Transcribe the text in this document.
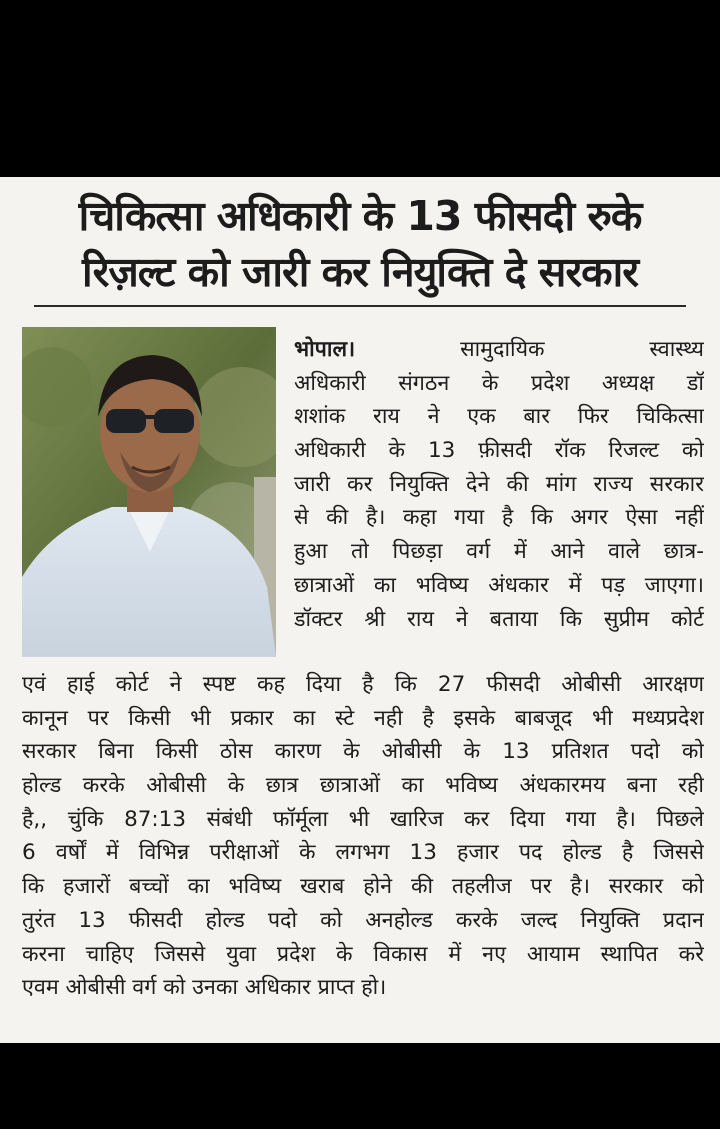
चिकित्सा अधिकारी के 13 फीसदी रुके
रिज़ल्ट को जारी कर नियुक्ति दे सरकार
भोपाल।	सामुदायिक स्वास्थ्य
अधिकारी संगठन के प्रदेश अध्यक्ष डॉ
शशांक राय ने एक बार फिर चिकित्सा
अधिकारी के 13 फ़ीसदी रॉक रिजल्ट को
जारी कर नियुक्ति देने की मांग राज्य सरकार
से की है। कहा गया है कि अगर ऐसा नहीं
हुआ तो पिछड़ा वर्ग में आने वाले छात्र-
छात्राओं का भविष्य अंधकार में पड़ जाएगा।
डॉक्टर श्री राय ने बताया कि सुप्रीम कोर्ट
एवं हाई कोर्ट ने स्पष्ट कह दिया है कि 27 फीसदी ओबीसी आरक्षण
कानून पर किसी भी प्रकार का स्टे नही है इसके बाबजूद भी मध्यप्रदेश
सरकार बिना किसी ठोस कारण के ओबीसी के 13 प्रतिशत पदो को
होल्ड करके ओबीसी के छात्र छात्राओं का भविष्य अंधकारमय बना रही
है,, चुंकि 87:13 संबंधी फॉर्मूला भी खारिज कर दिया गया है। पिछले
6 वर्षों में विभिन्न परीक्षाओं के लगभग 13 हजार पद होल्ड है जिससे
कि हजारों बच्चों का भविष्य खराब होने की तहलीज पर है। सरकार को
तुरंत 13 फीसदी होल्ड पदो को अनहोल्ड करके जल्द नियुक्ति प्रदान
करना चाहिए जिससे युवा प्रदेश के विकास में नए आयाम स्थापित करे
एवम ओबीसी वर्ग को उनका अधिकार प्राप्त हो।
